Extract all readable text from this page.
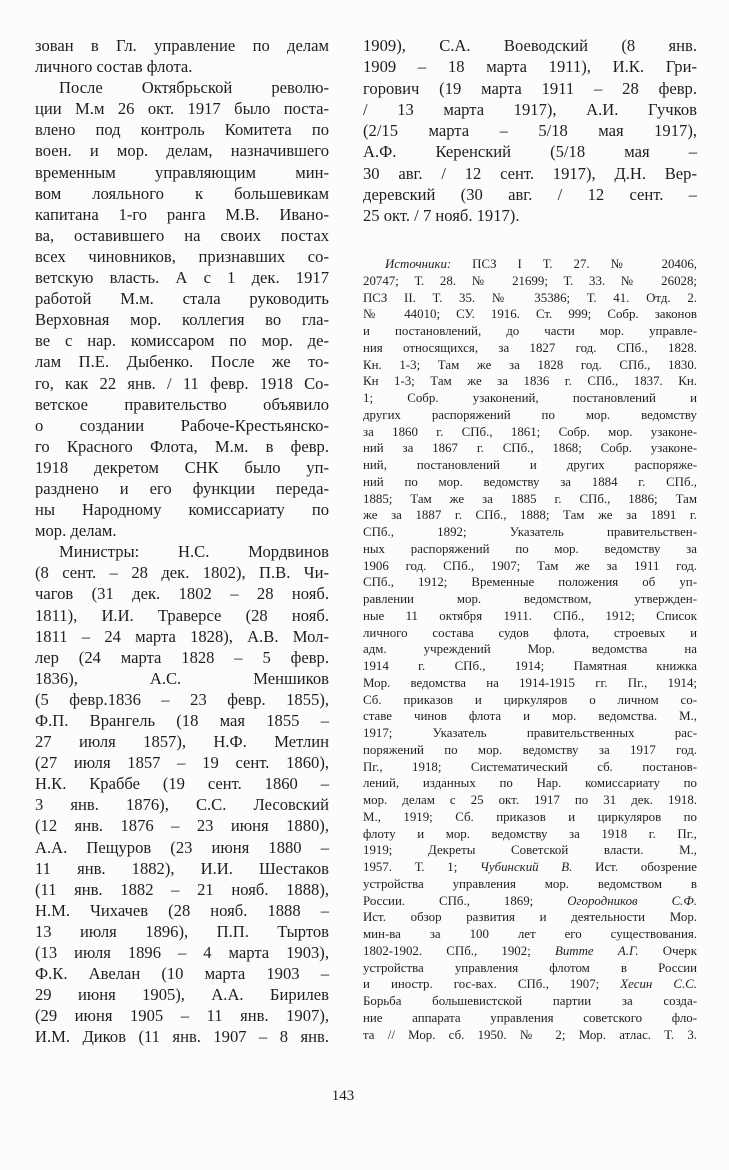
зован в Гл. управление по делам
личного состав флота.
После Октябрьской револю-
ции М.м 26 окт. 1917 было поста-
влено под контроль Комитета по
воен. и мор. делам, назначившего
временным управляющим мин-
вом лояльного к большевикам
капитана 1-го ранга М.В. Ивано-
ва, оставившего на своих постах
всех чиновников, признавших со-
ветскую власть. А с 1 дек. 1917
работой М.м. стала руководить
Верховная мор. коллегия во гла-
ве с нар. комиссаром по мор. де-
лам П.Е. Дыбенко. После же то-
го, как 22 янв. / 11 февр. 1918 Со-
ветское правительство объявило
о создании Рабоче-Крестьянско-
го Красного Флота, М.м. в февр.
1918 декретом СНК было уп-
разднено и его функции переда-
ны Народному комиссариату по
мор. делам.
Министры: Н.С. Мордвинов
(8 сент. – 28 дек. 1802), П.В. Чи-
чагов (31 дек. 1802 – 28 нояб.
1811), И.И. Траверсе (28 нояб.
1811 – 24 марта 1828), А.В. Мол-
лер (24 марта 1828 – 5 февр.
1836), А.С. Меншиков
(5 февр.1836 – 23 февр. 1855),
Ф.П. Врангель (18 мая 1855 –
27 июля 1857), Н.Ф. Метлин
(27 июля 1857 – 19 сент. 1860),
Н.К. Краббе (19 сент. 1860 –
3 янв. 1876), С.С. Лесовский
(12 янв. 1876 – 23 июня 1880),
А.А. Пещуров (23 июня 1880 –
11 янв. 1882), И.И. Шестаков
(11 янв. 1882 – 21 нояб. 1888),
Н.М. Чихачев (28 нояб. 1888 –
13 июля 1896), П.П. Тыртов
(13 июля 1896 – 4 марта 1903),
Ф.К. Авелан (10 марта 1903 –
29 июня 1905), А.А. Бирилев
(29 июня 1905 – 11 янв. 1907),
И.М. Диков (11 янв. 1907 – 8 янв.
1909), С.А. Воеводский (8 янв.
1909 – 18 марта 1911), И.К. Гри-
горович (19 марта 1911 – 28 февр.
/ 13 марта 1917), А.И. Гучков
(2/15 марта – 5/18 мая 1917),
А.Ф. Керенский (5/18 мая –
30 авг. / 12 сент. 1917), Д.Н. Вер-
деревский (30 авг. / 12 сент. –
25 окт. / 7 нояб. 1917).
Источники: ПСЗ I Т. 27. № 20406,
20747; Т. 28. № 21699; Т. 33. № 26028;
ПСЗ II. Т. 35. № 35386; Т. 41. Отд. 2.
№ 44010; СУ. 1916. Ст. 999; Собр. законов
и постановлений, до части мор. управле-
ния относящихся, за 1827 год. СПб., 1828.
Кн. 1-3; Там же за 1828 год. СПб., 1830.
Кн 1-3; Там же за 1836 г. СПб., 1837. Кн.
1; Собр. узаконений, постановлений и
других распоряжений по мор. ведомству
за 1860 г. СПб., 1861; Собр. мор. узаконе-
ний за 1867 г. СПб., 1868; Собр. узаконе-
ний, постановлений и других распоряже-
ний по мор. ведомству за 1884 г. СПб.,
1885; Там же за 1885 г. СПб., 1886; Там
же за 1887 г. СПб., 1888; Там же за 1891 г.
СПб., 1892; Указатель правительствен-
ных распоряжений по мор. ведомству за
1906 год. СПб., 1907; Там же за 1911 год.
СПб., 1912; Временные положения об уп-
равлении мор. ведомством, утвержден-
ные 11 октября 1911. СПб., 1912; Список
личного состава судов флота, строевых и
адм. учреждений Мор. ведомства на
1914 г. СПб., 1914; Памятная книжка
Мор. ведомства на 1914-1915 гг. Пг., 1914;
Сб. приказов и циркуляров о личном со-
ставе чинов флота и мор. ведомства. М.,
1917; Указатель правительственных рас-
поряжений по мор. ведомству за 1917 год.
Пг., 1918; Систематический сб. постанов-
лений, изданных по Нар. комиссариату по
мор. делам с 25 окт. 1917 по 31 дек. 1918.
М., 1919; Сб. приказов и циркуляров по
флоту и мор. ведомству за 1918 г. Пг.,
1919; Декреты Советской власти. М.,
1957. Т. 1; Чубинский В. Ист. обозрение
устройства управления мор. ведомством в
России. СПб., 1869; Огородников С.Ф.
Ист. обзор развития и деятельности Мор.
мин-ва за 100 лет его существования.
1802-1902. СПб., 1902; Витте А.Г. Очерк
устройства управления флотом в России
и иностр. гос-вах. СПб., 1907; Хесин С.С.
Борьба большевистской партии за созда-
ние аппарата управления советского фло-
та // Мор. сб. 1950. № 2; Мор. атлас. Т. 3.
143
